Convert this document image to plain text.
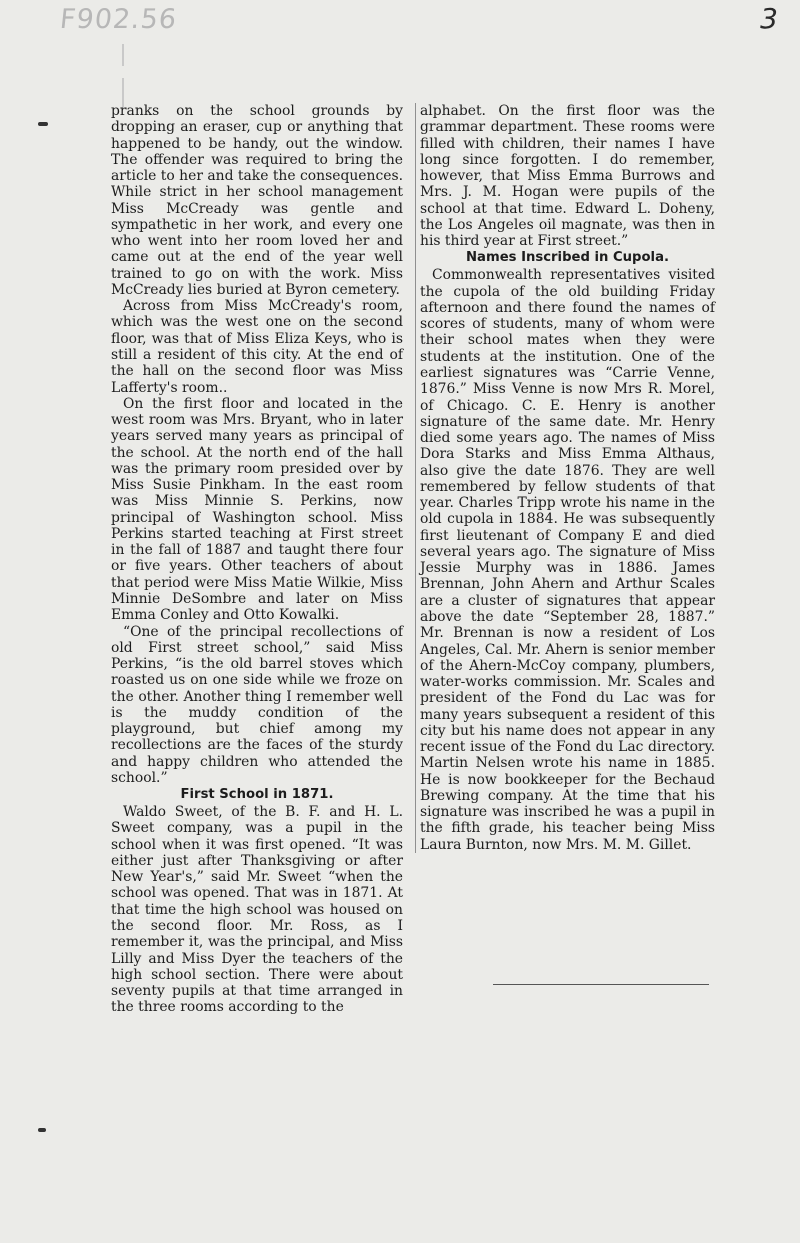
F902.56	3

pranks on the school grounds by dropping an eraser, cup or anything that happened to be handy, out the window. The offender was required to bring the article to her and take the consequences. While strict in her school management Miss McCready was gentle and sympathetic in her work, and every one who went into her room loved her and came out at the end of the year well trained to go on with the work. Miss McCready lies buried at Byron cemetery.

Across from Miss McCready's room, which was the west one on the second floor, was that of Miss Eliza Keys, who is still a resident of this city. At the end of the hall on the second floor was Miss Lafferty's room..

On the first floor and located in the west room was Mrs. Bryant, who in later years served many years as principal of the school. At the north end of the hall was the primary room presided over by Miss Susie Pinkham. In the east room was Miss Minnie S. Perkins, now principal of Washington school. Miss Perkins started teaching at First street in the fall of 1887 and taught there four or five years. Other teachers of about that period were Miss Matie Wilkie, Miss Minnie DeSombre and later on Miss Emma Conley and Otto Kowalki.

“One of the principal recollections of old First street school,” said Miss Perkins, “is the old barrel stoves which roasted us on one side while we froze on the other. Another thing I remember well is the muddy condition of the playground, but chief among my recollections are the faces of the sturdy and happy children who attended the school.”

First School in 1871.

Waldo Sweet, of the B. F. and H. L. Sweet company, was a pupil in the school when it was first opened. “It was either just after Thanksgiving or after New Year's,” said Mr. Sweet “when the school was opened. That was in 1871. At that time the high school was housed on the second floor. Mr. Ross, as I remember it, was the principal, and Miss Lilly and Miss Dyer the teachers of the high school section. There were about seventy pupils at that time arranged in the three rooms according to the

alphabet. On the first floor was the grammar department. These rooms were filled with children, their names I have long since forgotten. I do remember, however, that Miss Emma Burrows and Mrs. J. M. Hogan were pupils of the school at that time. Edward L. Doheny, the Los Angeles oil magnate, was then in his third year at First street.”

Names Inscribed in Cupola.

Commonwealth representatives visited the cupola of the old building Friday afternoon and there found the names of scores of students, many of whom were their school mates when they were students at the institution. One of the earliest signatures was “Carrie Venne, 1876.” Miss Venne is now Mrs R. Morel, of Chicago. C. E. Henry is another signature of the same date. Mr. Henry died some years ago. The names of Miss Dora Starks and Miss Emma Althaus, also give the date 1876. They are well remembered by fellow students of that year. Charles Tripp wrote his name in the old cupola in 1884. He was subsequently first lieutenant of Company E and died several years ago. The signature of Miss Jessie Murphy was in 1886. James Brennan, John Ahern and Arthur Scales are a cluster of signatures that appear above the date “September 28, 1887.” Mr. Brennan is now a resident of Los Angeles, Cal. Mr. Ahern is senior member of the Ahern-McCoy company, plumbers, water-works commission. Mr. Scales and president of the Fond du Lac was for many years subsequent a resident of this city but his name does not appear in any recent issue of the Fond du Lac directory. Martin Nelsen wrote his name in 1885. He is now bookkeeper for the Bechaud Brewing company. At the time that his signature was inscribed he was a pupil in the fifth grade, his teacher being Miss Laura Burnton, now Mrs. M. M. Gillet.
